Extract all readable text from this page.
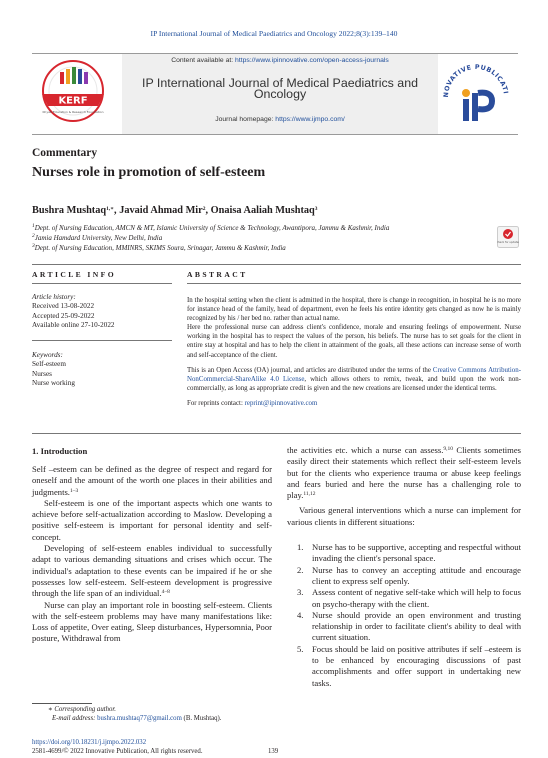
IP International Journal of Medical Paediatrics and Oncology 2022;8(3):139–140
KERF
Khyati Education & Research Foundation
Content available at: https://www.ipinnovative.com/open-access-journals
IP International Journal of Medical Paediatrics and
Oncology
Journal homepage: https://www.ijmpo.com/
NOVATIVE PUBLICATI
ip
Commentary
Nurses role in promotion of self-esteem
Bushra Mushtaq$^{1,∗}$, Javaid Ahmad Mir$^2$, Onaisa Aaliah Mushtaq$^3$
$^1$Dept. of Nursing Education, AMCN & MT, Islamic University of Science & Technology, Awantipora, Jammu & Kashmir, India
$^2$Jamia Hamdard University, New Delhi, India
$^3$Dept. of Nursing Education, MMINRS, SKIMS Soura, Srinagar, Jammu & Kashmir, India
Check for updates
ARTICLE INFO	ABSTRACT
Article history:
Received 13-08-2022
Accepted 25-09-2022
Available online 27-10-2022
Keywords:
Self-esteem
Nurses
Nurse working

In the hospital setting when the client is admitted in the hospital, there is change in recognition, in hospital he is no more for instance head of the family, head of department, even he feels his entire identity gets changed as now he is mainly recognized by his / her bed no. rather than actual name.

Here the professional nurse can address client's confidence, morale and ensuring feelings of empowerment. Nurse working in the hospital has to respect the values of the person, his beliefs. The nurse has to set goals for the client in entire stay at hospital and has to help the client in attainment of the goals, all these actions can increase sense of worth and self-acceptance of the client.

This is an Open Access (OA) journal, and articles are distributed under the terms of the Creative Commons Attribution-NonCommercial-ShareAlike 4.0 License, which allows others to remix, tweak, and build upon the work non-commercially, as long as appropriate credit is given and the new creations are licensed under the identical terms.

For reprints contact: reprint@ipinnovative.com

1. Introduction

Self –esteem can be defined as the degree of respect and regard for oneself and the amount of the worth one places in their abilities and judgments.$^{1-3}$

Self-esteem is one of the important aspects which one wants to achieve before self-actualization according to Maslow. Developing a positive self-esteem is important for personal identity and self-concept.

Developing of self-esteem enables individual to successfully adapt to various demanding situations and crises which occur. The individual's adaptation to these events can be impaired if he or she possesses low self-esteem. Self-esteem development is progressive through the life span of an individual.$^{4-8}$

Nurse can play an important role in boosting self-esteem. Clients with the self-esteem problems may have many manifestations like: Loss of appetite, Over eating, Sleep disturbances, Hypersomnia, Poor posture, Withdrawal from

the activities etc. which a nurse can assess.$^{9,10}$ Clients sometimes easily direct their statements which reflect their self-esteem levels but for the clients who experience trauma or abuse keep feelings and fears buried and here the nurse has a challenging role to play.$^{11,12}$

Various general interventions which a nurse can implement for various clients in different situations:

1. Nurse has to be supportive, accepting and respectful without invading the client's personal space.
2. Nurse has to convey an accepting attitude and encourage client to express self openly.
3. Assess content of negative self-take which will help to focus on psycho-therapy with the client.
4. Nurse should provide an open environment and trusting relationship in order to facilitate client's ability to deal with current situation.
5. Focus should be laid on positive attributes if self –esteem is to be enhanced by encouraging discussions of past accomplishments and offer support in undertaking new tasks.
∗ Corresponding author.
E-mail address: bushra.mushtaq77@gmail.com (B. Mushtaq).
https://doi.org/10.18231/j.ijmpo.2022.032
2581-4699/© 2022 Innovative Publication, All rights reserved.	139
